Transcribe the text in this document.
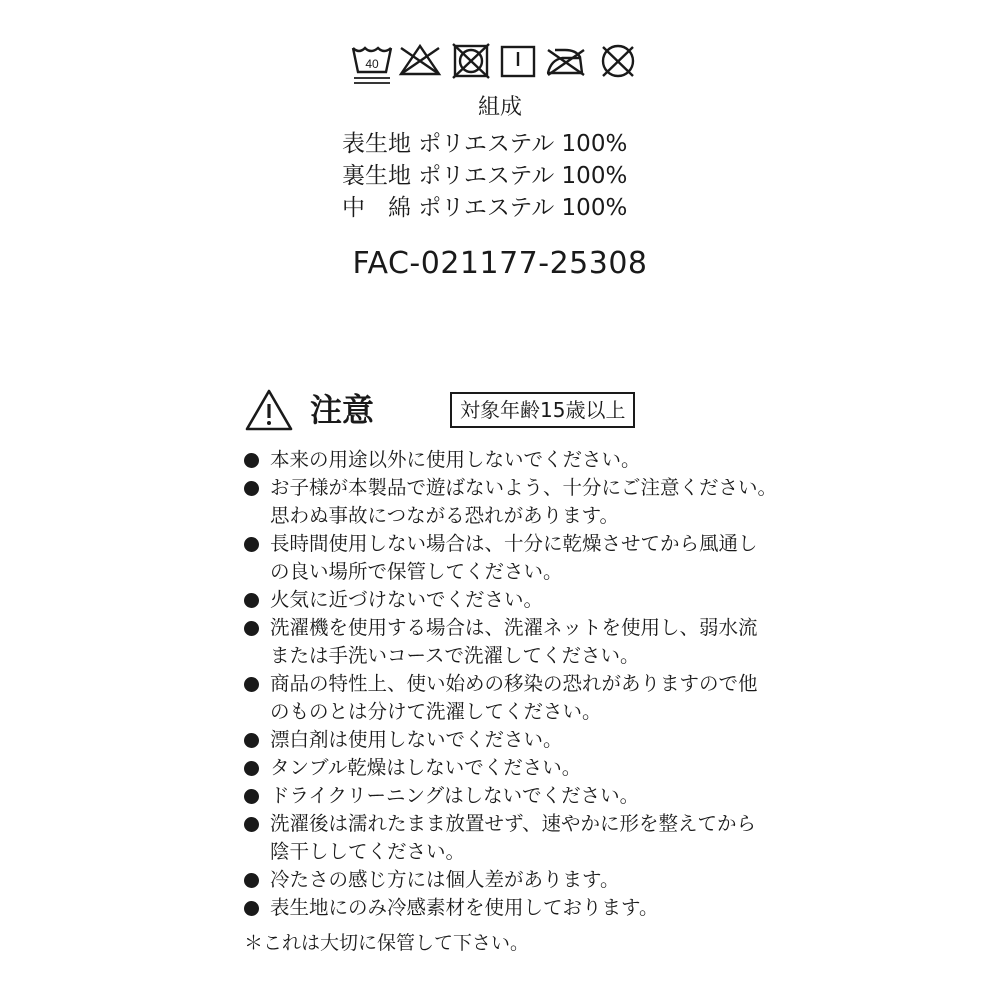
40
組成
表生地 ポリエステル 100%
裏生地 ポリエステル 100%
中　綿 ポリエステル 100%
FAC-021177-25308
注意	対象年齢15歳以上
本来の用途以外に使用しないでください。
お子様が本製品で遊ばないよう、十分にご注意ください。
思わぬ事故につながる恐れがあります。
長時間使用しない場合は、十分に乾燥させてから風通し
の良い場所で保管してください。
火気に近づけないでください。
洗濯機を使用する場合は、洗濯ネットを使用し、弱水流
または手洗いコースで洗濯してください。
商品の特性上、使い始めの移染の恐れがありますので他
のものとは分けて洗濯してください。
漂白剤は使用しないでください。
タンブル乾燥はしないでください。
ドライクリーニングはしないでください。
洗濯後は濡れたまま放置せず、速やかに形を整えてから
陰干ししてください。
冷たさの感じ方には個人差があります。
表生地にのみ冷感素材を使用しております。
＊これは大切に保管して下さい。
